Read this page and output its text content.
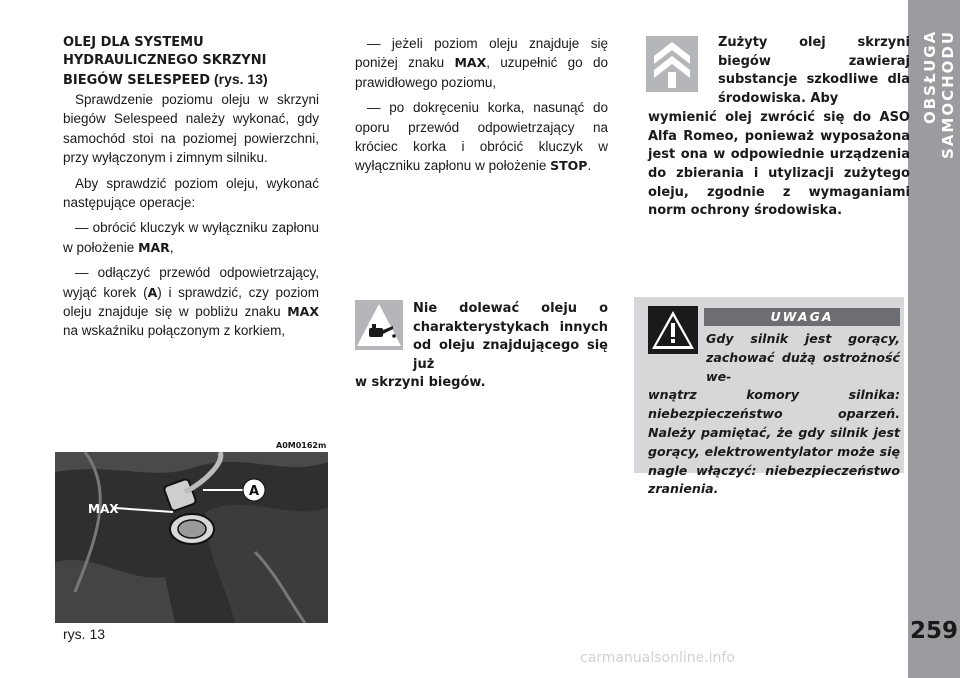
OBSŁUGA SAMOCHODU
259

OLEJ DLA SYSTEMU HYDRAULICZNEGO SKRZYNI BIEGÓW SELESPEED (rys. 13)

Sprawdzenie poziomu oleju w skrzyni biegów Selespeed należy wykonać, gdy samochód stoi na poziomej powierzchni, przy wyłączonym i zimnym silniku.

Aby sprawdzić poziom oleju, wykonać następujące operacje:

— obrócić kluczyk w wyłączniku zapłonu w położenie MAR,

— odłączyć przewód odpowietrzający, wyjąć korek (A) i sprawdzić, czy poziom oleju znajduje się w pobliżu znaku MAX na wskaźniku połączonym z korkiem,

— jeżeli poziom oleju znajduje się poniżej znaku MAX, uzupełnić go do prawidłowego poziomu,

— po dokręceniu korka, nasunąć do oporu przewód odpowietrzający na króciec korka i obrócić kluczyk w wyłączniku zapłonu w położenie STOP.

Zużyty olej skrzyni biegów zawieraj substancje szkodliwe dla środowiska. Aby
wymienić olej zwrócić się do ASO Alfa Romeo, ponieważ wyposażona jest ona w odpowiednie urządzenia do zbierania i utylizacji zużytego oleju, zgodnie z wymaganiami norm ochrony środowiska.
Nie dolewać oleju o charakterystykach innych od oleju znajdującego się już
w skrzyni biegów.
UWAGA
Gdy silnik jest gorący, zachować dużą ostrożność we-
wnątrz komory silnika: niebezpieczeństwo oparzeń. Należy pamiętać, że gdy silnik jest gorący, elektrowentylator może się nagle włączyć: niebezpieczeństwo zranienia.
A0M0162m
A
MAX
rys. 13
carmanualsonline.info
